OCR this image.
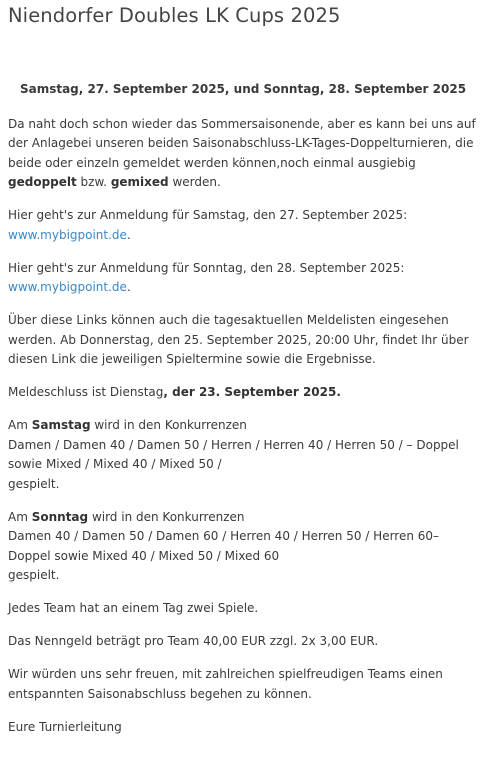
Niendorfer Doubles LK Cups 2025

Samstag, 27. September 2025, und Sonntag, 28. September 2025

Da naht doch schon wieder das Sommersaisonende, aber es kann bei uns auf der Anlagebei unseren beiden Saisonabschluss-LK-Tages-Doppelturnieren, die beide oder einzeln gemeldet werden können,noch einmal ausgiebig gedoppelt bzw. gemixed werden.

Hier geht's zur Anmeldung für Samstag, den 27. September 2025:
www.mybigpoint.de.

Hier geht's zur Anmeldung für Sonntag, den 28. September 2025:
www.mybigpoint.de.

Über diese Links können auch die tagesaktuellen Meldelisten eingesehen werden. Ab Donnerstag, den 25. September 2025, 20:00 Uhr, findet Ihr über diesen Link die jeweiligen Spieltermine sowie die Ergebnisse.

Meldeschluss ist Dienstag, der 23. September 2025.

Am Samstag wird in den Konkurrenzen
Damen / Damen 40 / Damen 50 / Herren / Herren 40 / Herren 50 / – Doppel
sowie Mixed / Mixed 40 / Mixed 50 /
gespielt.

Am Sonntag wird in den Konkurrenzen
Damen 40 / Damen 50 / Damen 60 / Herren 40 / Herren 50 / Herren 60–
Doppel sowie Mixed 40 / Mixed 50 / Mixed 60
gespielt.

Jedes Team hat an einem Tag zwei Spiele.

Das Nenngeld beträgt pro Team 40,00 EUR zzgl. 2x 3,00 EUR.

Wir würden uns sehr freuen, mit zahlreichen spielfreudigen Teams einen entspannten Saisonabschluss begehen zu können.

Eure Turnierleitung
